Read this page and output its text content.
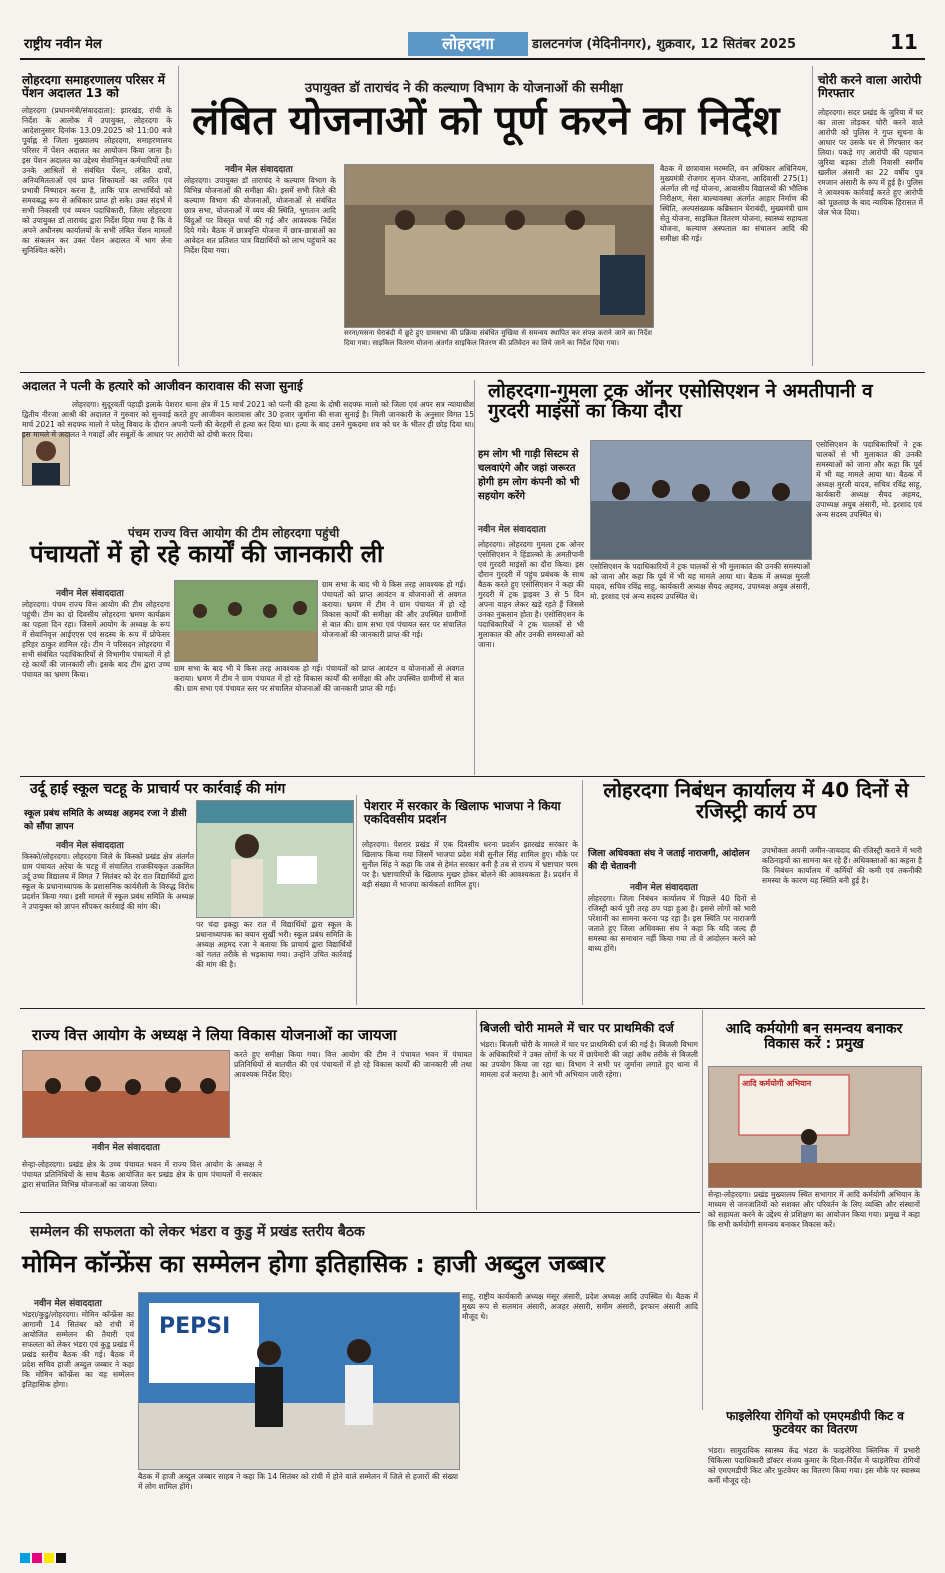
राष्ट्रीय नवीन मेल	लोहरदगा	डालटनगंज (मेदिनीनगर), शुक्रवार, 12 सितंबर 2025	11
लोहरदगा समाहरणालय परिसर में पेंशन अदालत 13 को
लोहरदगा (प्रधानमंत्री/संवाददाता): झारखंड, रांची के निर्देश के आलोक में उपायुक्त, लोहरदगा के आदेशानुसार दिनांक 13.09.2025 को 11:00 बजे पूर्वाह्न से जिला मुख्यालय लोहरदगा, समाहरणालय परिसर में पेंशन अदालत का आयोजन किया जाना है। इस पेंशन अदालत का उद्देश्य सेवानिवृत्त कर्मचारियों तथा उनके आश्रितों से संबंधित पेंशन, लंबित दावों, अनियमितताओं एवं प्राप्त शिकायतों का त्वरित एवं प्रभावी निष्पादन करना है, ताकि पात्र लाभार्थियों को समयबद्ध रूप से अधिकार प्राप्त हो सके। उक्त संदर्भ में सभी निकासी एवं व्ययन पदाधिकारी, जिला लोहरदगा को उपायुक्त डॉ ताराचंद द्वारा निर्देश दिया गया है कि वे अपने अधीनस्थ कार्यालयों के सभी लंबित पेंशन मामलों का संकलन कर उक्त पेंशन अदालत में भाग लेना सुनिश्चित करेंगे।
उपायुक्त डॉ ताराचंद ने की कल्याण विभाग के योजनाओं की समीक्षा
लंबित योजनाओं को पूर्ण करने का निर्देश
नवीन मेल संवाददाता
लोहरदगा। उपायुक्त डॉ ताराचंद ने कल्याण विभाग के विभिन्न योजनाओं की समीक्षा की। इसमें सभी जिले की कल्याण विभाग की योजनाओं, योजनाओं से संबंधित छात्र सभा, योजनाओं में व्यय की स्थिति, भुगतान आदि बिंदुओं पर विस्तृत चर्चा की गई और आवश्यक निर्देश दिये गये। बैठक में छात्रवृत्ति योजना में छात्र-छात्राओं का आवेदन शत प्रतिशत पात्र विद्यार्थियों को लाभ पहुंचाने का निर्देश दिया गया।
सरना/मसना घेराबंदी में छूटे हुए ग्रामसभा की प्रक्रिया संबंधित मुखिया से समन्वय स्थापित कर संपन्न कराने जाने का निर्देश दिया गया। साइकिल वितरण योजना अंतर्गत साइकिल वितरण की प्रतिवेदन का लिये जाने का निर्देश दिया गया।
बैठक में छात्रावास मरम्मति, वन अधिकार अधिनियम, मुख्यमंत्री रोजगार सृजन योजना, आदिवासी 275(1) अंतर्गत ली गई योजना, आवासीय विद्यालयों की भौतिक निरीक्षण, मेसा बाल्यावस्था अंतर्गत आहार निर्माण की स्थिति, अल्पसंख्यक कब्रिस्तान घेराबंदी, मुख्यमंत्री ग्राम सेतु योजना, साइकिल वितरण योजना, स्वास्थ्य सहायता योजना, कल्याण अस्पताल का संचालन आदि की समीक्षा की गई।
चोरी करने वाला आरोपी गिरफ्तार
लोहरदगा। सदर प्रखंड के जुरिया में घर का ताला तोड़कर चोरी करने वाले आरोपी को पुलिस ने गुप्त सूचना के आधार पर उसके घर से गिरफ्तार कर लिया। पकड़े गए आरोपी की पहचान जुरिया बड़का टोली निवासी स्वर्गीय खलील अंसारी का 22 वर्षीय पुत्र रमजान अंसारी के रूप में हुई है। पुलिस ने आवश्यक कार्रवाई करते हुए आरोपी को पूछताछ के बाद न्यायिक हिरासत में जेल भेज दिया।
अदालत ने पत्नी के हत्यारे को आजीवन कारावास की सजा सुनाई
लोहरदगा। सुदूरवर्ती पहाड़ी इलाके पेशरार थाना क्षेत्र में 15 मार्च 2021 को पत्नी की हत्या के दोषी सदफ्फ मालो को जिला एवं अपर सत्र न्यायाधीश द्वितीय नीरजा आश्री की अदालत ने गुरुवार को सुनवाई करते हुए आजीवन कारावास और 30 हजार जुर्माना की सजा सुनाई है। मिली जानकारी के अनुसार विगत 15 मार्च 2021 को सदफ्फ मालो ने घरेलू विवाद के दौरान अपनी पत्नी की बेरहमी से हत्या कर दिया था। हत्या के बाद उसने मुकदमा शव को घर के भीतर ही छोड़ दिया था। इस मामले में अदालत ने गवाहों और सबूतों के आधार पर आरोपी को दोषी करार दिया।
लोहरदगा-गुमला ट्रक ऑनर एसोसिएशन ने अमतीपानी व गुरदरी माइंसों का किया दौरा
हम लोग भी गाड़ी सिस्टम से चलवाएंगे और जहां जरूरत होगी हम लोग कंपनी को भी सहयोग करेंगे
नवीन मेल संवाददाता
लोहरदगा। लोहरदगा गुमला ट्रक ओनर एसोसिएशन ने हिंडाल्को के अमतीपानी एवं गुरदरी माइंसों का दौरा किया। इस दौरान गुरदरी में पहुंच प्रबंधक के साथ बैठक करते हुए एसोसिएशन ने कहा की गुरदरी में ट्रक ड्राइवर 3 से 5 दिन अपना वाहन लेकर खड़े रहते हैं जिससे उनका नुकसान होता है। एसोसिएशन के पदाधिकारियों ने ट्रक चालकों से भी मुलाकात की और उनकी समस्याओं को जाना।
एसोसिएशन के पदाधिकारियों ने ट्रक चालकों से भी मुलाकात की उनकी समस्याओं को जाना और कहा कि पूर्व में भी यह मामले आया था। बैठक में अध्यक्ष मुरली यादव, सचिव रविंद्र साहू, कार्यकारी अध्यक्ष सैयद अहमद, उपाध्यक्ष अयुब अंसारी, मो. इरशाद एवं अन्य सदस्य उपस्थित थे।
एसोसिएशन के पदाधिकारियों ने ट्रक चालकों से भी मुलाकात की उनकी समस्याओं को जाना और कहा कि पूर्व में भी यह मामले आया था। बैठक में अध्यक्ष मुरली यादव, सचिव रविंद्र साहू, कार्यकारी अध्यक्ष सैयद अहमद, उपाध्यक्ष अयुब अंसारी, मो. इरशाद एवं अन्य सदस्य उपस्थित थे।
पंचम राज्य वित्त आयोग की टीम लोहरदगा पहुंची
पंचायतों में हो रहे कार्यों की जानकारी ली
नवीन मेल संवाददाता
लोहरदगा। पंचम राज्य वित्त आयोग की टीम लोहरदगा पहुंची। टीम का दो दिवसीय लोहरदगा भ्रमण कार्यक्रम का पहला दिन रहा। जिसमें आयोग के अध्यक्ष के रूप में सेवानिवृत्त आईएएस एवं सदस्य के रूप में प्रोफेसर हरिहर ठाकुर शामिल रहे। टीम ने परिसदन लोहरदगा में सभी संबंधित पदाधिकारियों से विभागीय पंचायतों में हो रहे कार्यों की जानकारी ली। इसके बाद टीम द्वारा उच्च पंचायत का भ्रमण किया।
ग्राम सभा के बाद भी ये किस तरह आवश्यक हो गई। पंचायतों को प्राप्त आवंटन व योजनाओं से अवगत कराया। भ्रमण में टीम ने ग्राम पंचायत में हो रहे विकास कार्यों की समीक्षा की और उपस्थित ग्रामीणों से बात की। ग्राम सभा एवं पंचायत स्तर पर संचालित योजनाओं की जानकारी प्राप्त की गई।
ग्राम सभा के बाद भी ये किस तरह आवश्यक हो गई। पंचायतों को प्राप्त आवंटन व योजनाओं से अवगत कराया। भ्रमण में टीम ने ग्राम पंचायत में हो रहे विकास कार्यों की समीक्षा की और उपस्थित ग्रामीणों से बात की। ग्राम सभा एवं पंचायत स्तर पर संचालित योजनाओं की जानकारी प्राप्त की गई।
उर्दू हाई स्कूल चटहू के प्राचार्य पर कार्रवाई की मांग
स्कूल प्रबंध समिति के अध्यक्ष अहमद रजा ने डीसी को सौंपा ज्ञापन
नवीन मेल संवाददाता
किस्को/लोहरदगा। लोहरदगा जिले के किस्को प्रखंड क्षेत्र अंतर्गत ग्राम पंचायत अरेया के चटहू में संचालित राजकीयकृत उत्क्रमित उर्दू उच्च विद्यालय में विगत 7 सितंबर को देर रात विद्यार्थियों द्वारा स्कूल के प्रधानाध्यापक के प्रशासनिक कार्यशैली के विरुद्ध विरोध प्रदर्शन किया गया। इसी मामले में स्कूल प्रबंध समिति के अध्यक्ष ने उपायुक्त को ज्ञापन सौंपकर कार्रवाई की मांग की।
पर चंदा इकट्ठा कर रात में विद्यार्थियों द्वारा स्कूल के प्रधानाध्यापक का बयान सुर्खी भरी। स्कूल प्रबंध समिति के अध्यक्ष अहमद रजा ने बताया कि प्राचार्य द्वारा विद्यार्थियों को गलत तरीके से भड़काया गया। उन्होंने उचित कार्रवाई की मांग की है।
पेशरार में सरकार के खिलाफ भाजपा ने किया एकदिवसीय प्रदर्शन
लोहरदगा। पेशरार प्रखंड में एक दिवसीय धरना प्रदर्शन झारखंड सरकार के खिलाफ किया गया जिसमें भाजपा प्रदेश मंत्री सुनील सिंह शामिल हुए। मौके पर सुनील सिंह ने कहा कि जब से हेमंत सरकार बनी है तब से राज्य में भ्रष्टाचार चरम पर है। भ्रष्टाचारियों के खिलाफ मुखर होकर बोलने की आवश्यकता है। प्रदर्शन में बड़ी संख्या में भाजपा कार्यकर्ता शामिल हुए।
लोहरदगा निबंधन कार्यालय में 40 दिनों से रजिस्ट्री कार्य ठप
जिला अधिवक्ता संघ ने जताई नाराजगी, आंदोलन की दी चेतावनी
नवीन मेल संवाददाता
लोहरदगा। जिला निबंधन कार्यालय में पिछले 40 दिनों से रजिस्ट्री कार्य पूरी तरह ठप पड़ा हुआ है। इससे लोगों को भारी परेशानी का सामना करना पड़ रहा है। इस स्थिति पर नाराजगी जताते हुए जिला अधिवक्ता संघ ने कहा कि यदि जल्द ही समस्या का समाधान नहीं किया गया तो वे आंदोलन करने को बाध्य होंगे।
उपभोक्ता अपनी जमीन-जायदाद की रजिस्ट्री कराने में भारी कठिनाइयों का सामना कर रहे हैं। अधिवक्ताओं का कहना है कि निबंधन कार्यालय में कर्मियों की कमी एवं तकनीकी समस्या के कारण यह स्थिति बनी हुई है।
राज्य वित्त आयोग के अध्यक्ष ने लिया विकास योजनाओं का जायजा
नवीन मेल संवाददाता
सेन्हा-लोहरदगा। प्रखंड क्षेत्र के उच्च पंचायत भवन में राज्य वित्त आयोग के अध्यक्ष ने पंचायत प्रतिनिधियों के साथ बैठक आयोजित कर प्रखंड क्षेत्र के ग्राम पंचायतों में सरकार द्वारा संचालित विभिन्न योजनाओं का जायजा लिया।
करते हुए समीक्षा किया गया। वित्त आयोग की टीम ने पंचायत भवन में पंचायत प्रतिनिधियों से बातचीत की एवं पंचायतों में हो रहे विकास कार्यों की जानकारी ली तथा आवश्यक निर्देश दिए।
बिजली चोरी मामले में चार पर प्राथमिकी दर्ज
भंडरा। बिजली चोरी के मामले में चार पर प्राथमिकी दर्ज की गई है। बिजली विभाग के अधिकारियों ने उक्त लोगों के घर में छापेमारी की जहां अवैध तरीके से बिजली का उपयोग किया जा रहा था। विभाग ने सभी पर जुर्माना लगाते हुए थाना में मामला दर्ज कराया है। आगे भी अभियान जारी रहेगा।
आदि कर्मयोगी बन समन्वय बनाकर विकास करें : प्रमुख
आदि कर्मयोगी अभियान
सेन्हा-लोहरदगा। प्रखंड मुख्यालय स्थित सभागार में आदि कर्मयोगी अभियान के माध्यम से जनजातियों को सशक्त और परिवर्तन के लिए व्यक्ति और संस्थानों को सहायता करने के उद्देश्य से प्रशिक्षण का आयोजन किया गया। प्रमुख ने कहा कि सभी कर्मयोगी समन्वय बनाकर विकास करें।
सम्मेलन की सफलता को लेकर भंडरा व कुडु में प्रखंड स्तरीय बैठक
मोमिन कॉन्फ्रेंस का सम्मेलन होगा इतिहासिक : हाजी अब्दुल जब्बार
नवीन मेल संवाददाता
भंडरा/कुडु/लोहरदगा। मोमिन कॉन्फ्रेंस का आगामी 14 सितंबर को रांची में आयोजित सम्मेलन की तैयारी एवं सफलता को लेकर भंडरा एवं कुडु प्रखंड में प्रखंड स्तरीय बैठक की गई। बैठक में प्रदेश सचिव हाजी अब्दुल जब्बार ने कहा कि मोमिन कॉन्फ्रेंस का यह सम्मेलन इतिहासिक होगा।
PEPSI
बैठक में हाजी अब्दुल जब्बार साहब ने कहा कि 14 सितंबर को रांची में होने वाले सम्मेलन में जिले से हजारों की संख्या में लोग शामिल होंगे।
साहू, राष्ट्रीय कार्यकारी अध्यक्ष मंसूर अंसारी, प्रदेश अध्यक्ष आदि उपस्थित थे। बैठक में मुख्य रूप से सलमान अंसारी, अजहर अंसारी, समीम अंसारी, इरफान अंसारी आदि मौजूद थे।
फाइलेरिया रोगियों को एमएमडीपी किट व फुटवेयर का वितरण
भंडरा। सामुदायिक स्वास्थ्य केंद्र भंडरा के फाइलेरिया क्लिनिक में प्रभारी चिकित्सा पदाधिकारी डॉक्टर संजय कुमार के दिशा-निर्देश में फाइलेरिया रोगियों को एमएमडीपी किट और फुटवेयर का वितरण किया गया। इस मौके पर स्वास्थ्य कर्मी मौजूद रहे।
